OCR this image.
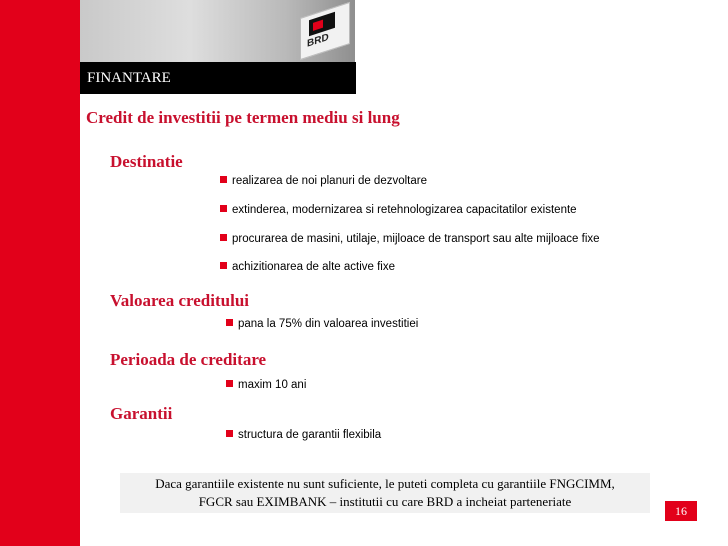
BRD
FINANTARE
Credit de investitii pe termen mediu si lung
Destinatie
realizarea de noi planuri de dezvoltare
extinderea, modernizarea si retehnologizarea capacitatilor existente
procurarea de masini, utilaje, mijloace de transport sau alte mijloace fixe
achizitionarea de alte active fixe
Valoarea creditului
pana la 75% din valoarea investitiei
Perioada de creditare
maxim 10 ani
Garantii
structura de garantii flexibila
Daca garantiile existente nu sunt suficiente, le puteti completa cu garantiile FNGCIMM,
FGCR sau EXIMBANK – institutii cu care BRD a incheiat parteneriate
16
